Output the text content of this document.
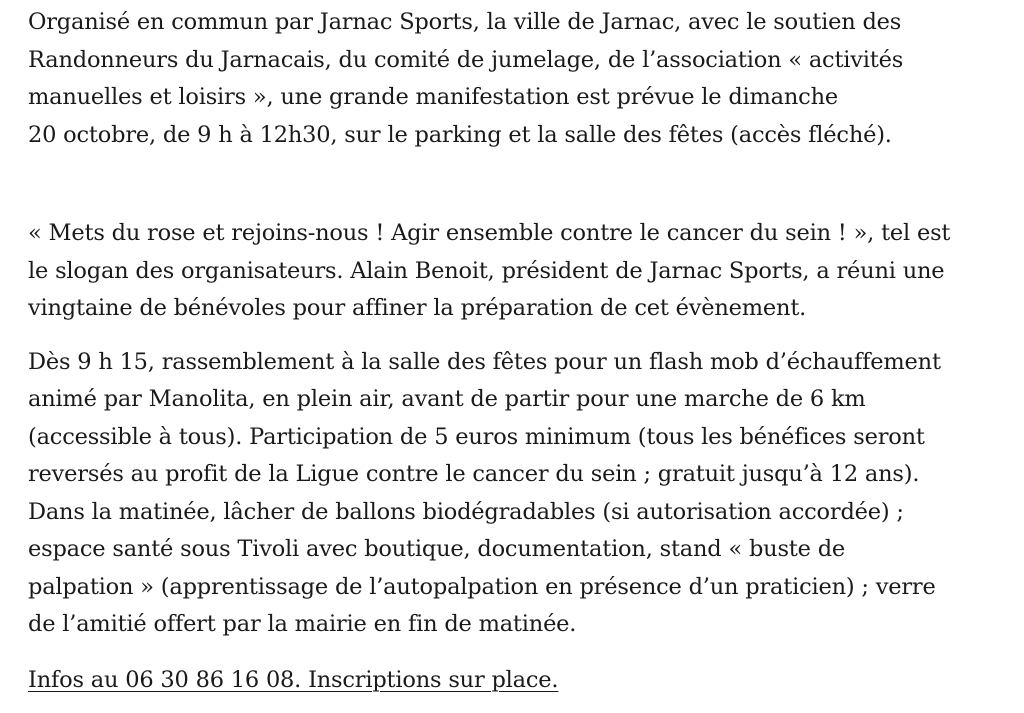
Organisé en commun par Jarnac Sports, la ville de Jarnac, avec le soutien des
Randonneurs du Jarnacais, du comité de jumelage, de l’association « activités
manuelles et loisirs », une grande manifestation est prévue le dimanche
20 octobre, de 9 h à 12h30, sur le parking et la salle des fêtes (accès fléché).

« Mets du rose et rejoins-nous ! Agir ensemble contre le cancer du sein ! », tel est
le slogan des organisateurs. Alain Benoit, président de Jarnac Sports, a réuni une
vingtaine de bénévoles pour affiner la préparation de cet évènement.

Dès 9 h 15, rassemblement à la salle des fêtes pour un flash mob d’échauffement
animé par Manolita, en plein air, avant de partir pour une marche de 6 km
(accessible à tous). Participation de 5 euros minimum (tous les bénéfices seront
reversés au profit de la Ligue contre le cancer du sein ; gratuit jusqu’à 12 ans).
Dans la matinée, lâcher de ballons biodégradables (si autorisation accordée) ;
espace santé sous Tivoli avec boutique, documentation, stand « buste de
palpation » (apprentissage de l’autopalpation en présence d’un praticien) ; verre
de l’amitié offert par la mairie en fin de matinée.

Infos au 06 30 86 16 08. Inscriptions sur place.
